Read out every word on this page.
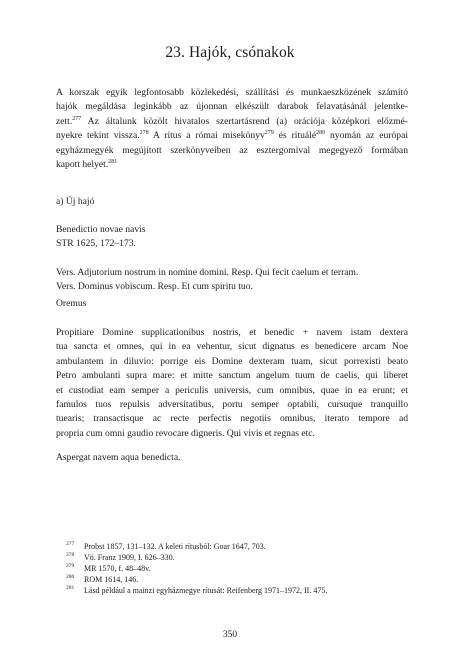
23. Hajók, csónakok
A korszak egyik legfontosabb közlekedési, szállítási és munkaeszközének számító
hajók megáldása leginkább az újonnan elkészült darabok felavatásánál jelentke-
zett.$^{277}$ Az általunk közölt hivatalos szertartásrend (a) orációja középkori előzmé-
nyekre tekint vissza.$^{278}$ A rítus a római misekönyv$^{279}$ és rituálé$^{280}$ nyomán az európai
egyházmegyék megújított szerkönyveiben az esztergomival megegyező formában
kapott helyet.$^{281}$
a) Új hajó
Benedictio novae navis
STR 1625, 172–173.
Vers. Adjutorium nostrum in nomine domini. Resp. Qui fecit caelum et terram.
Vers. Dominus vobiscum. Resp. Et cum spiritu tuo.
Oremus
Propitiare Domine supplicationibus nostris, et benedic + navem istam dextera
tua sancta et omnes, qui in ea vehentur, sicut dignatus es benedicere arcam Noe
ambulantem in diluvio: porrige eis Domine dexteram tuam, sicut porrexisti beato
Petro ambulanti supra mare: et mitte sanctum angelum tuum de caelis, qui liberet
et custodiat eam semper a periculis universis, cum omnibus, quae in ea erunt; et
famulos tuos repulsis adversitatibus, portu semper optabili, cursuque tranquillo
tuearis; transactisque ac recte perfectis negotiis omnibus, iterato tempore ad
propria cum omni gaudio revocare digneris. Qui vivis et regnas etc.
Aspergat navem aqua benedicta.
277 Probst 1857, 131–132. A keleti rítusból: Goar 1647, 703.
278 Vö. Franz 1909, I. 626–330.
279 MR 1570, f. 48–48v.
280 ROM 1614, 146.
281 Lásd például a mainzi egyházmegye rítusát: Reifenberg 1971–1972, II. 475.
350
